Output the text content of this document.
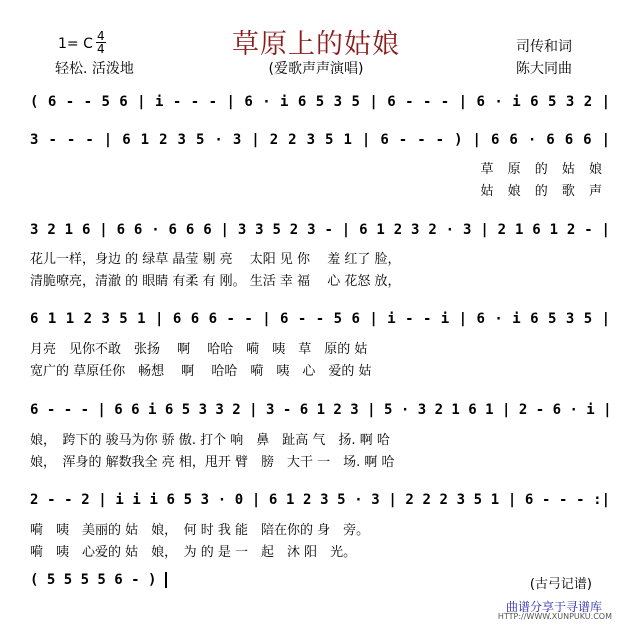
草原上的姑娘
(爱歌声声演唱)
1= C $\frac{4}{4}$
轻松. 活泼地
司传和词
陈大同曲
( 6 - - 5 6 | i - - - | 6 · i 6 5 3 5 | 6 - - - | 6 · i 6 5 3 2 |
3 - - - | 6 1 2 3 5 · 3 | 2 2 3 5 1 | 6 - - - ) | 6 6 · 6 6 6 |
草 原 的 姑 娘
姑 娘 的 歌 声
3 2 1 6 | 6 6 · 6 6 6 | 3 3 5 2 3 - | 6 1 2 3 2 · 3 | 2 1 6 1 2 - |
花儿一样，身边 的 绿草 晶莹 剔 亮　 太阳 见 你　 羞 红了 脸，
清脆嘹亮，清澈 的 眼睛 有柔 有 刚。 生活 幸 福　 心 花怒 放，
6 1 1 2 3 5 1 | 6 6 6 - - | 6 - - 5 6 | i - - i | 6 · i 6 5 3 5 |
月亮　见你不敢　张扬　 啊　 哈哈　嗬　咦　草　原的 姑
宽广的 草原任你　畅想　 啊　 哈哈　嗬　咦　心　爱的 姑
6 - - - | 6 6 i 6 5 3 3 2 | 3 - 6 1 2 3 | 5 · 3 2 1 6 1 | 2 - 6 · i |
娘，　跨下的 骏马为你 骄 傲. 打个 响　鼻　趾高 气　扬. 啊 哈
娘，　浑身的 解数我全 亮 相，甩开 臂　膀　大干 一　场. 啊 哈
2 - - 2 | i i i 6 5 3 · 0 | 6 1 2 3 5 · 3 | 2 2 2 3 5 1 | 6 - - - :|
嗬　咦　美丽的 姑　娘，　何 时 我 能　陪在你的 身　旁。
嗬　咦　心爱的 姑　娘，　为 的 是 一　起　沐 阳　光。
( 5 5 5 5 6 - )	(古弓记谱)
曲谱分享于寻谱库
HTTP://WWW.XUNPUKU.COM
